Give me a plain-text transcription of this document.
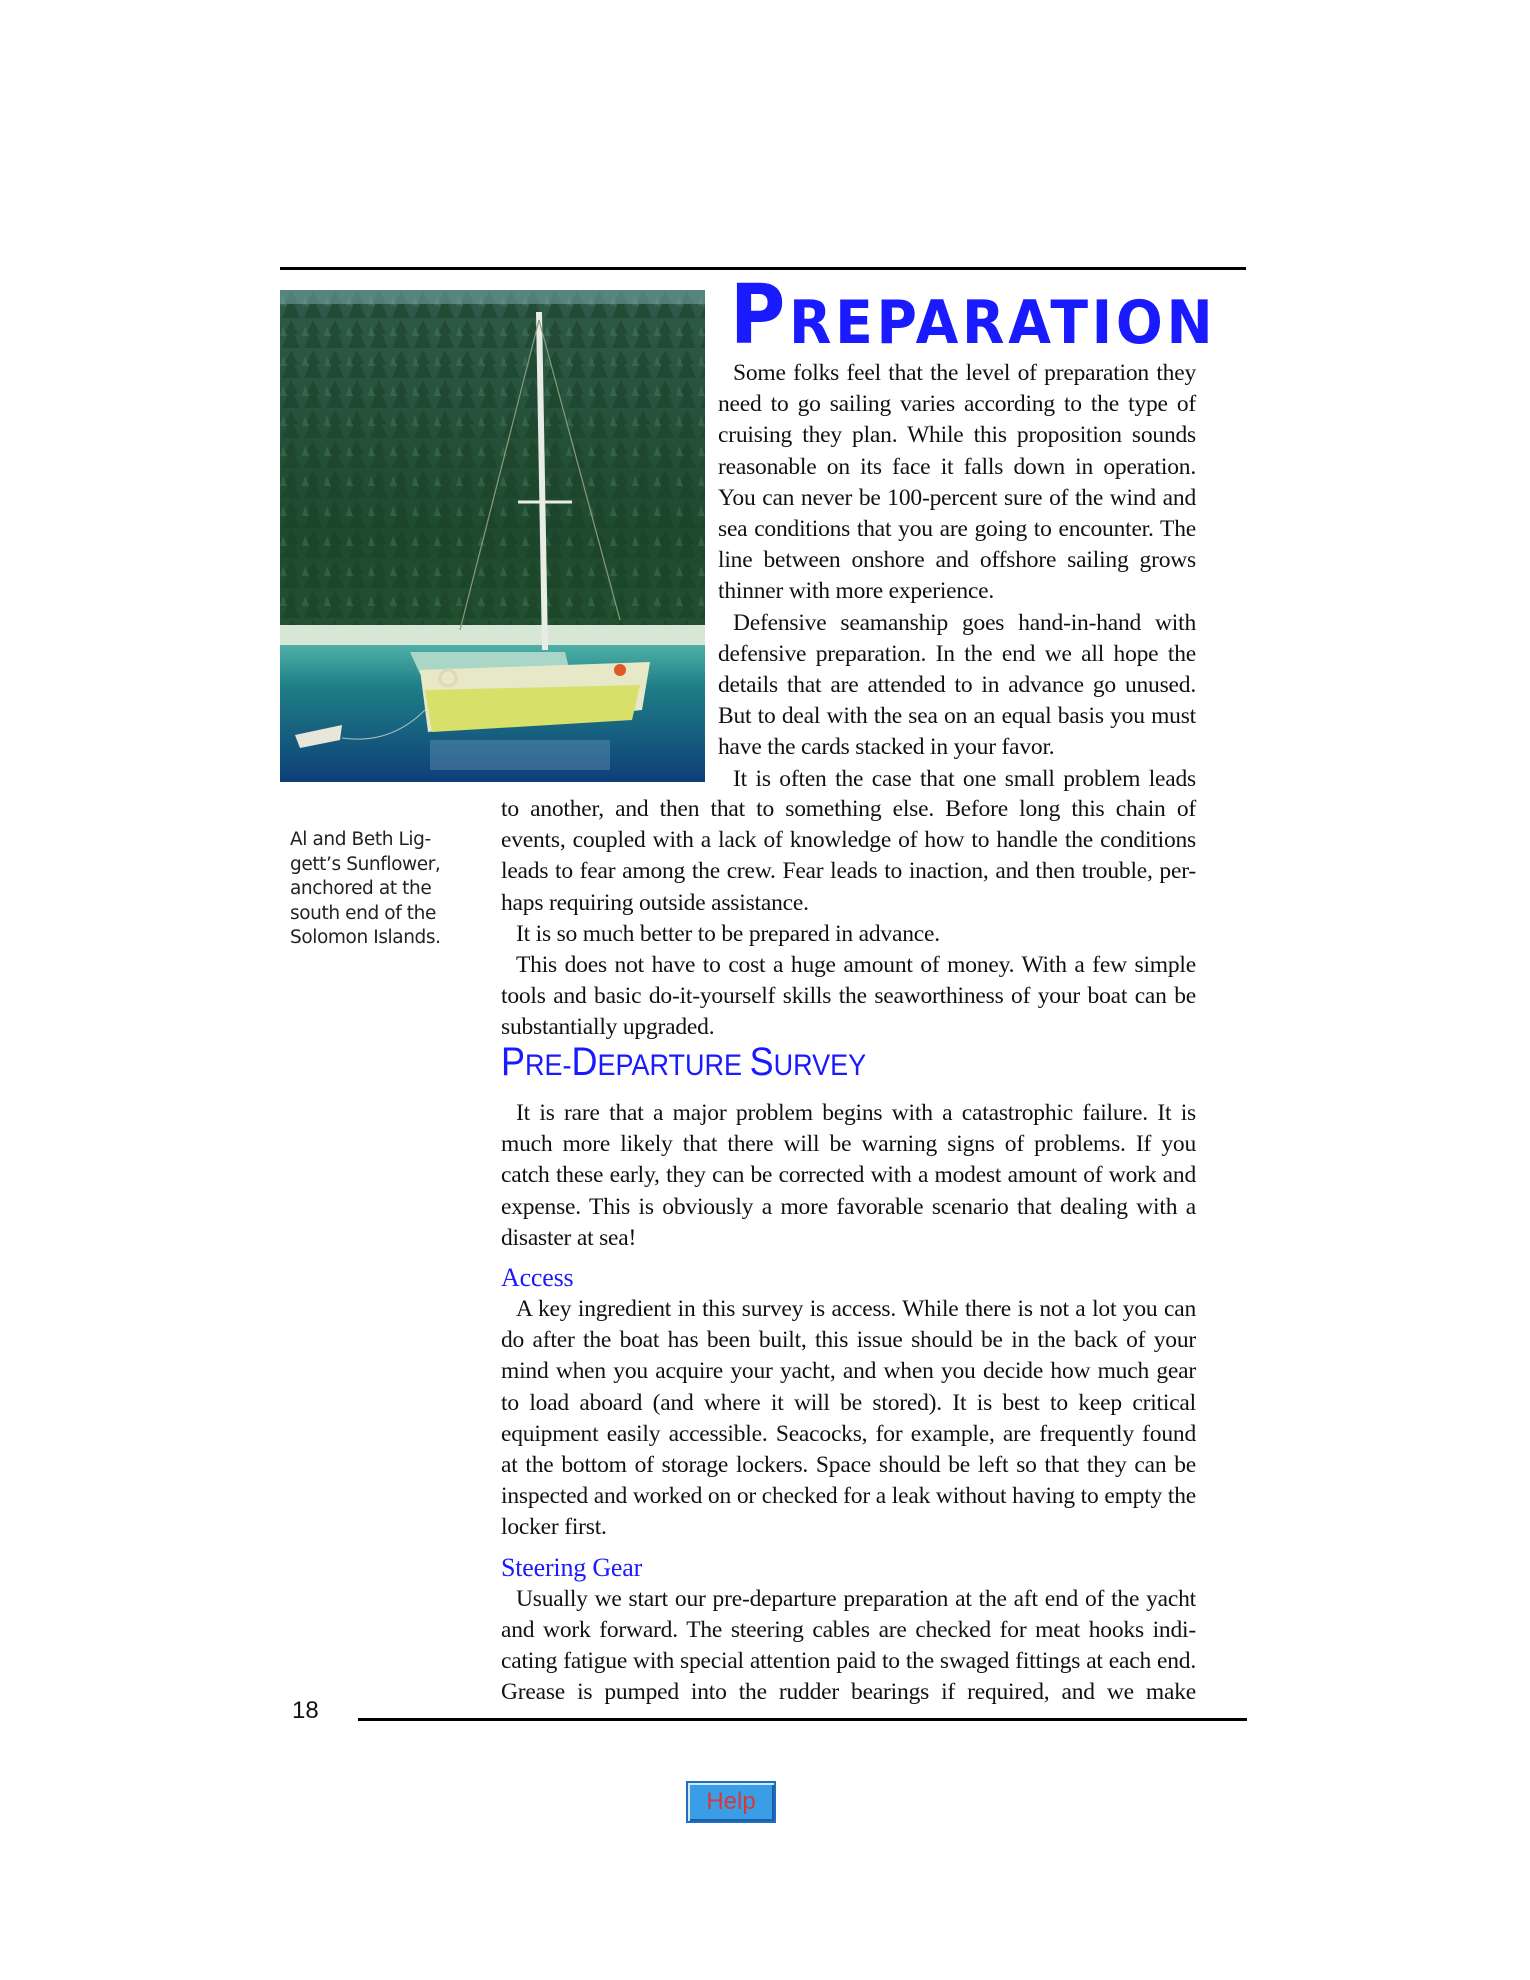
PREPARATION

Some folks feel that the level of preparation they need to go sailing varies according to the type of cruising they plan. While this proposition sounds reasonable on its face it falls down in operation. You can never be 100-percent sure of the wind and sea conditions that you are going to encounter. The line between onshore and offshore sailing grows thinner with more experience.

Defensive seamanship goes hand-in-hand with defensive preparation. In the end we all hope the details that are attended to in advance go unused. But to deal with the sea on an equal basis you must have the cards stacked in your favor.

It is often the case that one small problem leads

Al and Beth Lig- gett’s Sunflower, anchored at the south end of the Solomon Islands.

to another, and then that to something else. Before long this chain of events, coupled with a lack of knowledge of how to handle the conditions leads to fear among the crew. Fear leads to inaction, and then trouble, per- haps requiring outside assistance.

It is so much better to be prepared in advance.

This does not have to cost a huge amount of money. With a few simple tools and basic do-it-yourself skills the seaworthiness of your boat can be substantially upgraded.

PRE-DEPARTURE SURVEY

It is rare that a major problem begins with a catastrophic failure. It is much more likely that there will be warning signs of problems. If you catch these early, they can be corrected with a modest amount of work and expense. This is obviously a more favorable scenario that dealing with a disaster at sea!

Access

A key ingredient in this survey is access. While there is not a lot you can do after the boat has been built, this issue should be in the back of your mind when you acquire your yacht, and when you decide how much gear to load aboard (and where it will be stored). It is best to keep critical equipment easily accessible. Seacocks, for example, are frequently found at the bottom of storage lockers. Space should be left so that they can be inspected and worked on or checked for a leak without having to empty the locker first.

Steering Gear

Usually we start our pre-departure preparation at the aft end of the yacht and work forward. The steering cables are checked for meat hooks indi- cating fatigue with special attention paid to the swaged fittings at each end. Grease is pumped into the rudder bearings if required, and we make

18
Help
